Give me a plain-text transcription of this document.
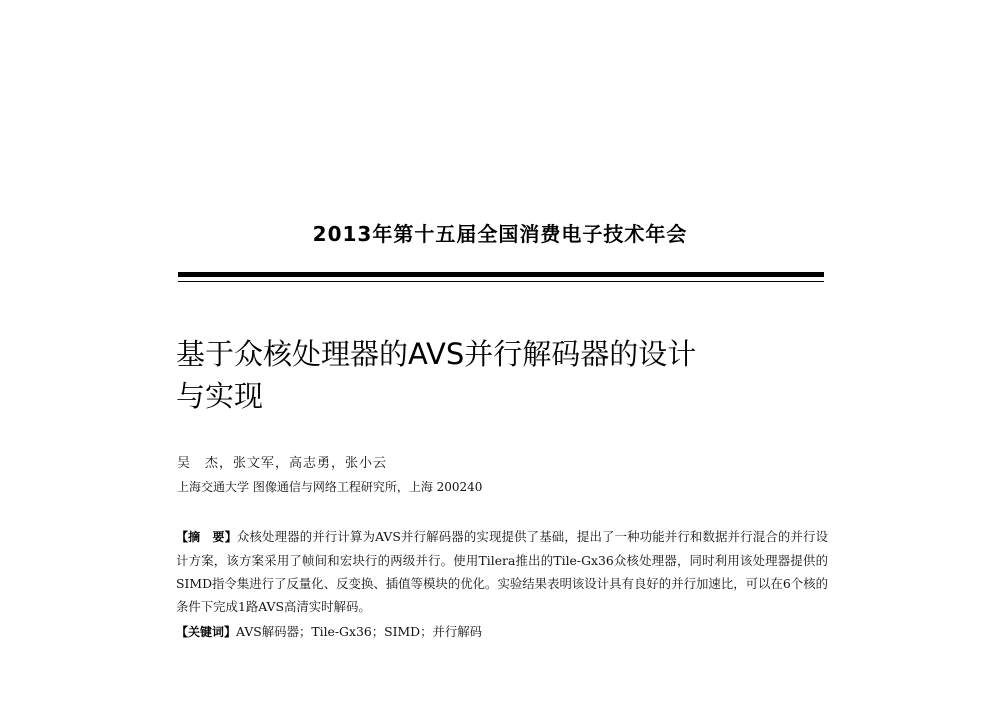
2013年第十五届全国消费电子技术年会
基于众核处理器的AVS并行解码器的设计
与实现
吴　杰，张文军，高志勇，张小云
上海交通大学 图像通信与网络工程研究所，上海 200240

【摘　要】众核处理器的并行计算为AVS并行解码器的实现提供了基础，提出了一种功能并行和数据并行混合的并行设计方案，该方案采用了帧间和宏块行的两级并行。使用Tilera推出的Tile-Gx36众核处理器，同时利用该处理器提供的SIMD指令集进行了反量化、反变换、插值等模块的优化。实验结果表明该设计具有良好的并行加速比，可以在6个核的条件下完成1路AVS高清实时解码。

【关键词】AVS解码器；Tile-Gx36；SIMD；并行解码
